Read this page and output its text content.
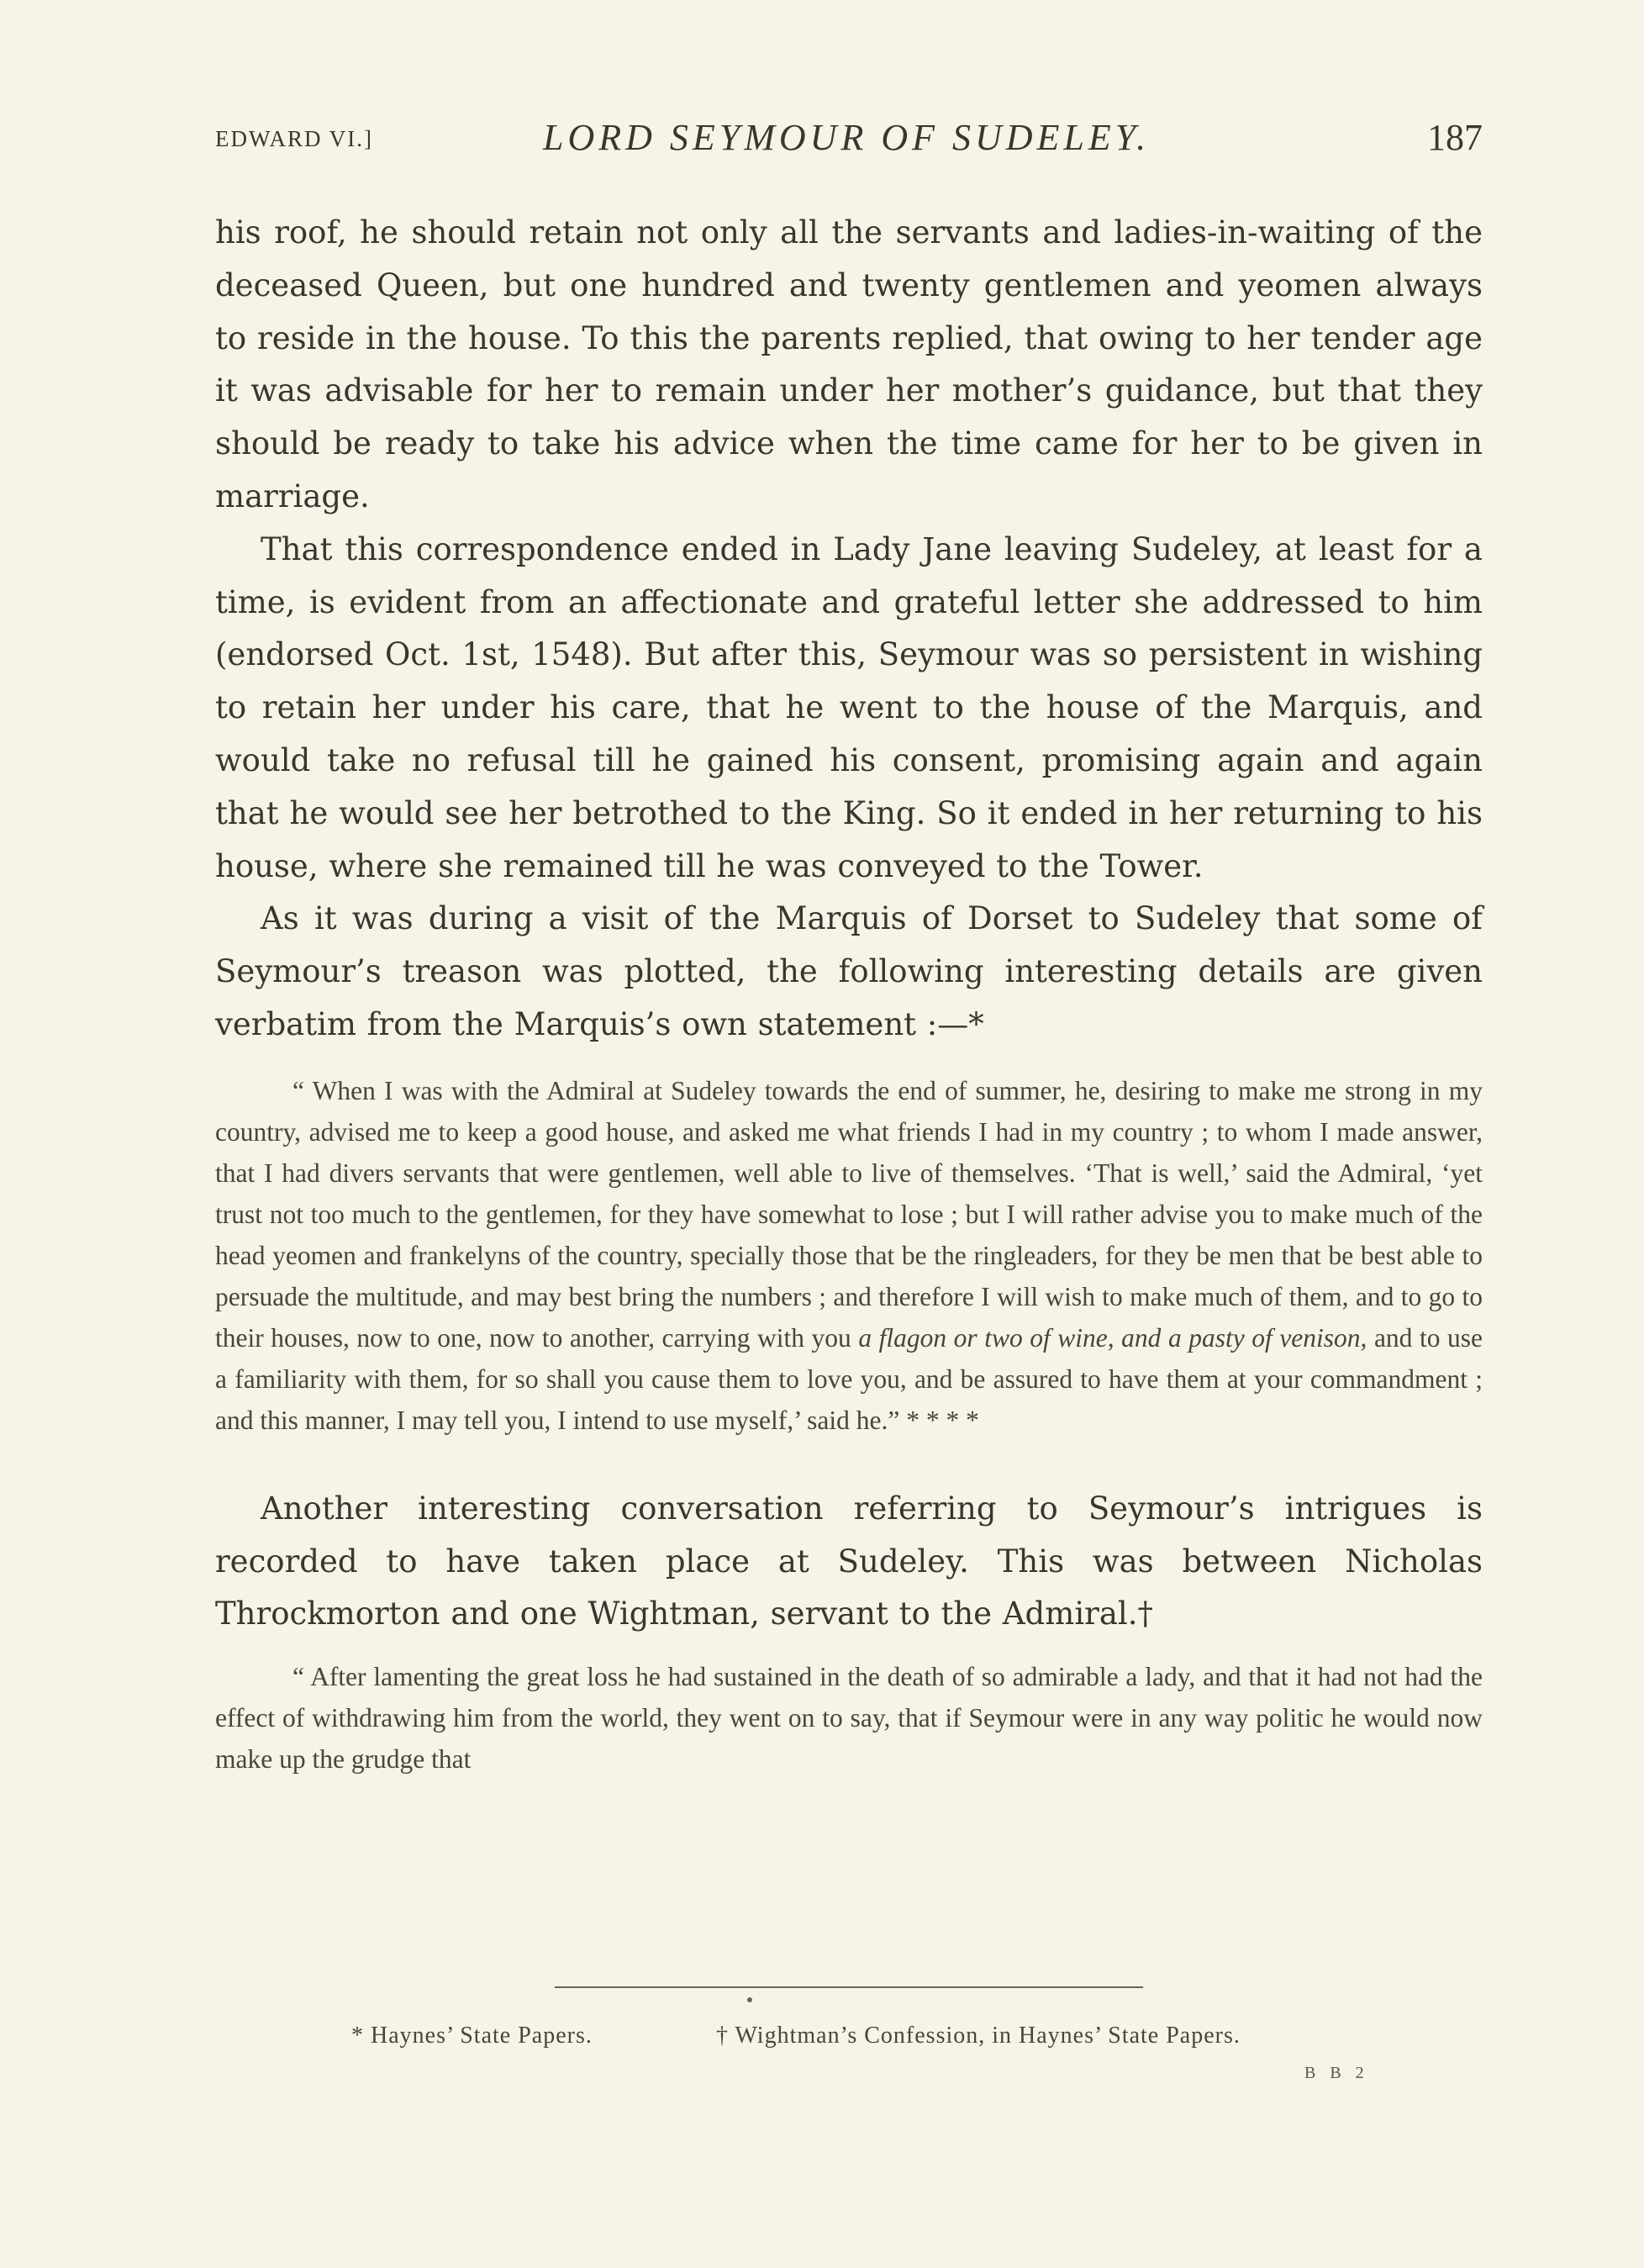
EDWARD VI.]	LORD SEYMOUR OF SUDELEY.	187

his roof, he should retain not only all the servants and ladies-in-waiting of the deceased Queen, but one hundred and twenty gentlemen and yeomen always to reside in the house. To this the parents replied, that owing to her tender age it was advisable for her to remain under her mother’s guidance, but that they should be ready to take his advice when the time came for her to be given in marriage.

That this correspondence ended in Lady Jane leaving Sudeley, at least for a time, is evident from an affectionate and grateful letter she addressed to him (endorsed Oct. 1st, 1548). But after this, Seymour was so persistent in wishing to retain her under his care, that he went to the house of the Marquis, and would take no refusal till he gained his consent, promising again and again that he would see her betrothed to the King. So it ended in her returning to his house, where she remained till he was conveyed to the Tower.

As it was during a visit of the Marquis of Dorset to Sudeley that some of Seymour’s treason was plotted, the following interesting details are given verbatim from the Marquis’s own statement :—*

“ When I was with the Admiral at Sudeley towards the end of summer, he, desiring to make me strong in my country, advised me to keep a good house, and asked me what friends I had in my country ; to whom I made answer, that I had divers servants that were gentlemen, well able to live of themselves. ‘That is well,’ said the Admiral, ‘yet trust not too much to the gentlemen, for they have somewhat to lose ; but I will rather advise you to make much of the head yeomen and frankelyns of the country, specially those that be the ringleaders, for they be men that be best able to persuade the multitude, and may best bring the numbers ; and therefore I will wish to make much of them, and to go to their houses, now to one, now to another, carrying with you a flagon or two of wine, and a pasty of venison, and to use a familiarity with them, for so shall you cause them to love you, and be assured to have them at your commandment ; and this manner, I may tell you, I intend to use myself,’ said he.” * * * *

Another interesting conversation referring to Seymour’s intrigues is recorded to have taken place at Sudeley. This was between Nicholas Throckmorton and one Wightman, servant to the Admiral.†

“ After lamenting the great loss he had sustained in the death of so admirable a lady, and that it had not had the effect of withdrawing him from the world, they went on to say, that if Seymour were in any way politic he would now make up the grudge that

* Haynes’ State Papers.	† Wightman’s Confession, in Haynes’ State Papers.
B B 2
